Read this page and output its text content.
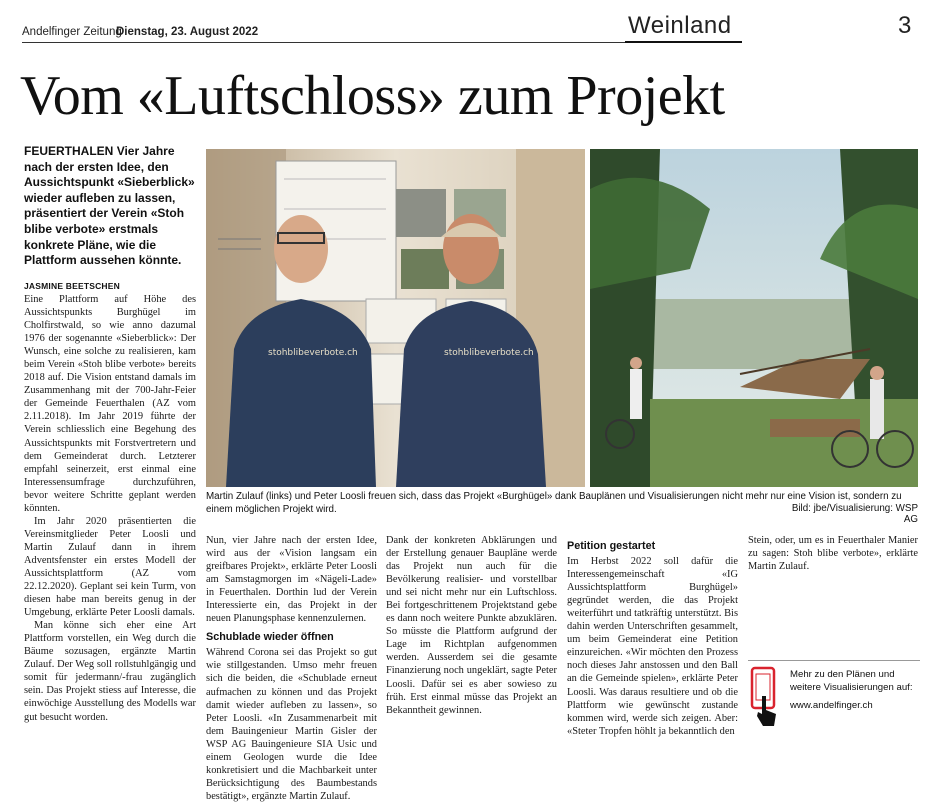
Andelfinger Zeitung
Dienstag, 23. August 2022	Weinland	3
Vom «Luftschloss» zum Projekt
FEUERTHALEN Vier Jahre nach der ersten Idee, den Aussichtspunkt «Sieberblick» wieder aufleben zu lassen, präsentiert der Verein «Stoh blibe verbote» erstmals konkrete Pläne, wie die Plattform aussehen könnte.
JASMINE BEETSCHEN

Eine Plattform auf Höhe des Aussichtspunkts Burghügel im Cholfirstwald, so wie anno dazumal 1976 der sogenannte «Sieberblick»: Der Wunsch, eine solche zu realisieren, kam beim Verein «Stoh blibe verbote» bereits 2018 auf. Die Vision entstand damals im Zusammenhang mit der 700-Jahr-Feier der Gemeinde Feuerthalen (AZ vom 2.11.2018). Im Jahr 2019 führte der Verein schliesslich eine Begehung des Aussichtspunkts mit Forstvertretern und dem Gemeinderat durch. Letzterer empfahl seinerzeit, erst einmal eine Interessensumfrage durchzuführen, bevor weitere Schritte geplant werden könnten.

Im Jahr 2020 präsentierten die Vereinsmitglieder Peter Loosli und Martin Zulauf dann in ihrem Adventsfenster ein erstes Modell der Aussichtsplattform (AZ vom 22.12.2020). Geplant sei kein Turm, von diesen habe man bereits genug in der Umgebung, erklärte Peter Loosli damals.

Man könne sich eher eine Art Plattform vorstellen, ein Weg durch die Bäume sozusagen, ergänzte Martin Zulauf. Der Weg soll rollstuhlgängig und somit für jedermann/-frau zugänglich sein. Das Projekt stiess auf Interesse, die einwöchige Ausstellung des Modells war gut besucht worden.

stohblibeverbote.ch	stohblibeverbote.ch
Martin Zulauf (links) und Peter Loosli freuen sich, dass das Projekt «Burghügel» dank Bauplänen und Visualisierungen nicht mehr nur eine Vision ist, sondern zu einem möglichen Projekt wird.	Bild: jbe/Visualisierung: WSP AG

Nun, vier Jahre nach der ersten Idee, wird aus der «Vision langsam ein greifbares Projekt», erklärte Peter Loosli am Samstagmorgen im «Nägeli-Lade» in Feuerthalen. Dorthin lud der Verein Interessierte ein, das Projekt in der neuen Planungsphase kennenzulernen.

Schublade wieder öffnen

Während Corona sei das Projekt so gut wie stillgestanden. Umso mehr freuen sich die beiden, die «Schublade erneut aufmachen zu können und das Projekt damit wieder aufleben zu lassen», so Peter Loosli. «In Zusammenarbeit mit dem Bauingenieur Martin Gisler der WSP AG Bauingenieure SIA Usic und einem Geologen wurde die Idee konkretisiert und die Machbarkeit unter Berücksichtigung des Baumbestands bestätigt», ergänzte Martin Zulauf.

Dank der konkreten Abklärungen und der Erstellung genauer Baupläne werde das Projekt nun auch für die Bevölkerung realisier- und vorstellbar und sei nicht mehr nur ein Luftschloss. Bei fortgeschrittenem Projektstand gebe es dann noch weitere Punkte abzuklären. So müsste die Plattform aufgrund der Lage im Richtplan aufgenommen werden. Ausserdem sei die gesamte Finanzierung noch ungeklärt, sagte Peter Loosli. Dafür sei es aber sowieso zu früh. Erst einmal müsse das Projekt an Bekanntheit gewinnen.

Petition gestartet

Im Herbst 2022 soll dafür die Interessengemeinschaft «IG Aussichtsplattform Burghügel» gegründet werden, die das Projekt weiterführt und tatkräftig unterstützt. Bis dahin werden Unterschriften gesammelt, um beim Gemeinderat eine Petition einzureichen. «Wir möchten den Prozess noch dieses Jahr anstossen und den Ball an die Gemeinde spielen», erklärte Peter Loosli. Was daraus resultiere und ob die Plattform wie gewünscht zustande kommen wird, werde sich zeigen. Aber: «Steter Tropfen höhlt ja bekanntlich den

Stein, oder, um es in Feuerthaler Manier zu sagen: Stoh blibe verbote», erklärte Martin Zulauf.

Mehr zu den Plänen und weitere Visualisierungen auf:
www.andelfinger.ch
